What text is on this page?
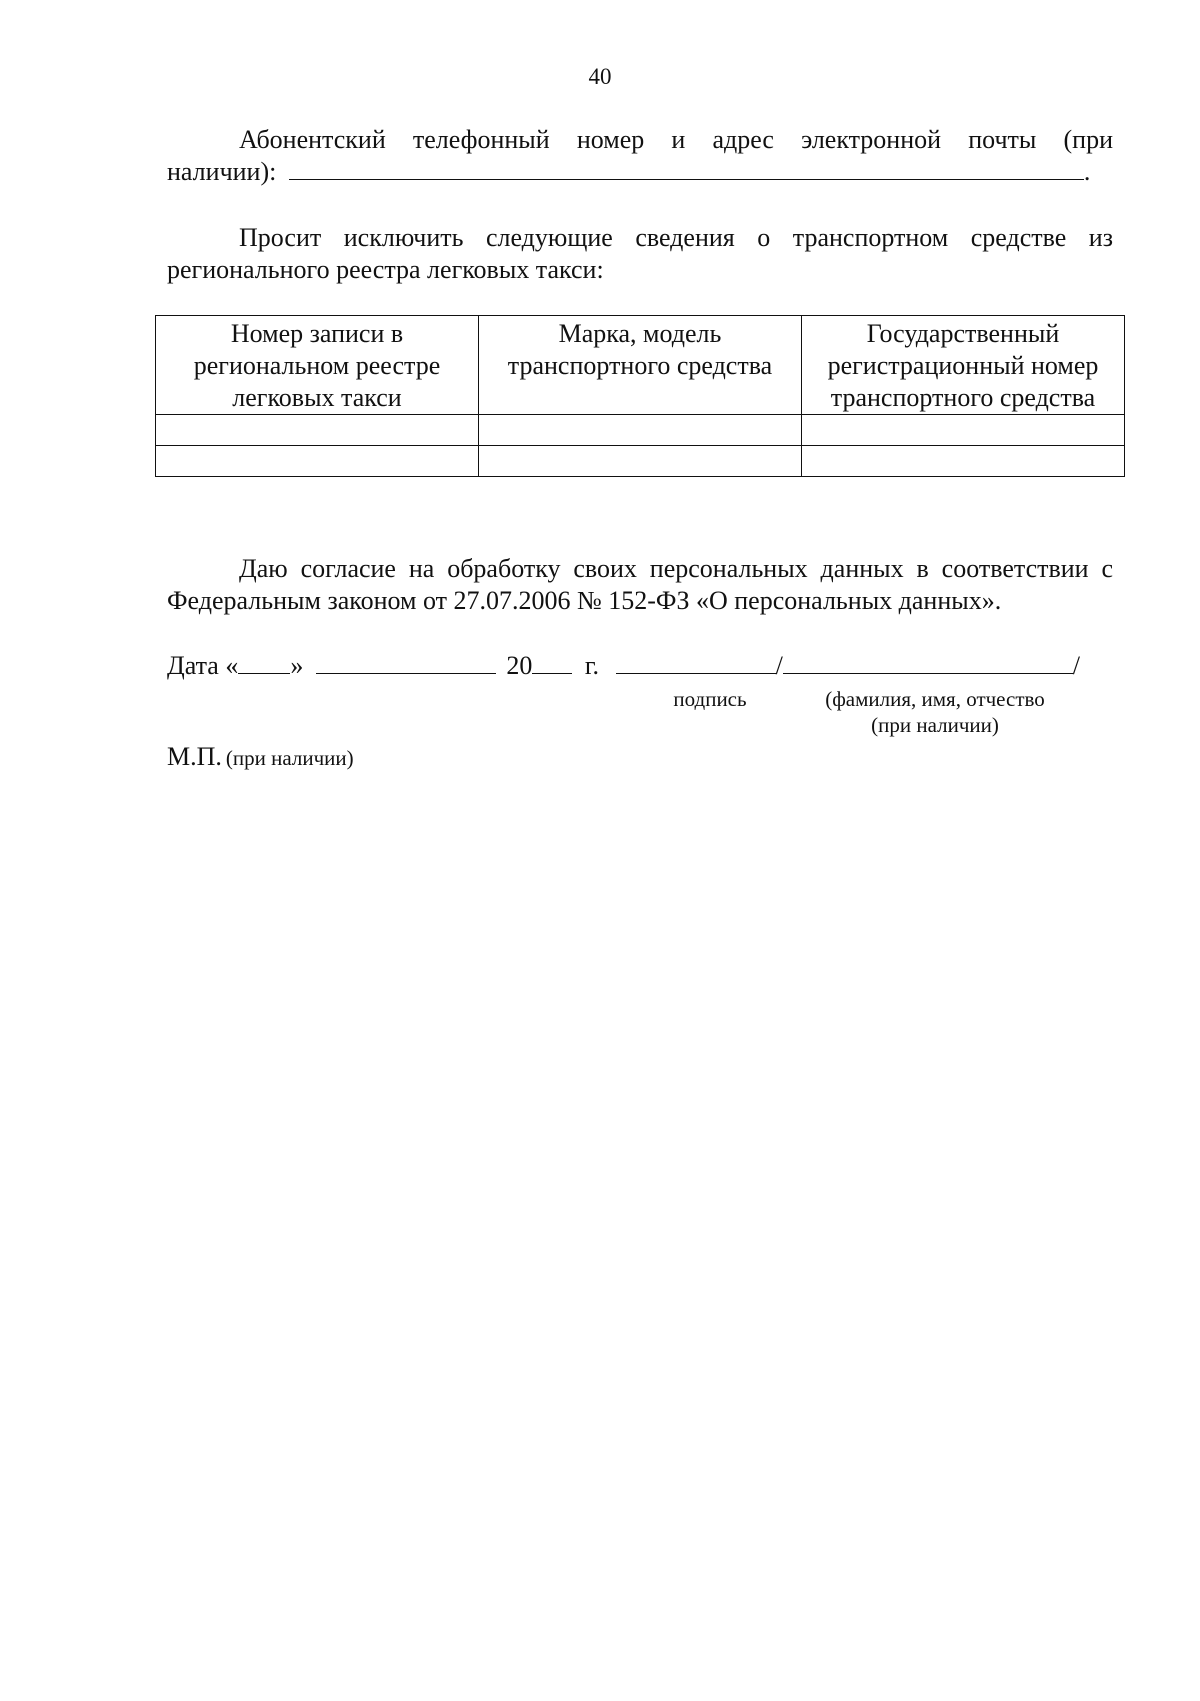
40
Абонентский телефонный номер и адрес электронной почты (при
наличии):	.
Просит исключить следующие сведения о транспортном средстве из регионального реестра легковых такси:
Номер записи в региональном реестре легковых такси	Марка, модель транспортного средства	Государственный регистрационный номер транспортного средства

Даю согласие на обработку своих персональных данных в соответствии с Федеральным законом от 27.07.2006 № 152-ФЗ «О персональных данных».
Дата « »	20 г.	/	/
подпись	(фамилия, имя, отчество
(при наличии)
М.П. (при наличии)
